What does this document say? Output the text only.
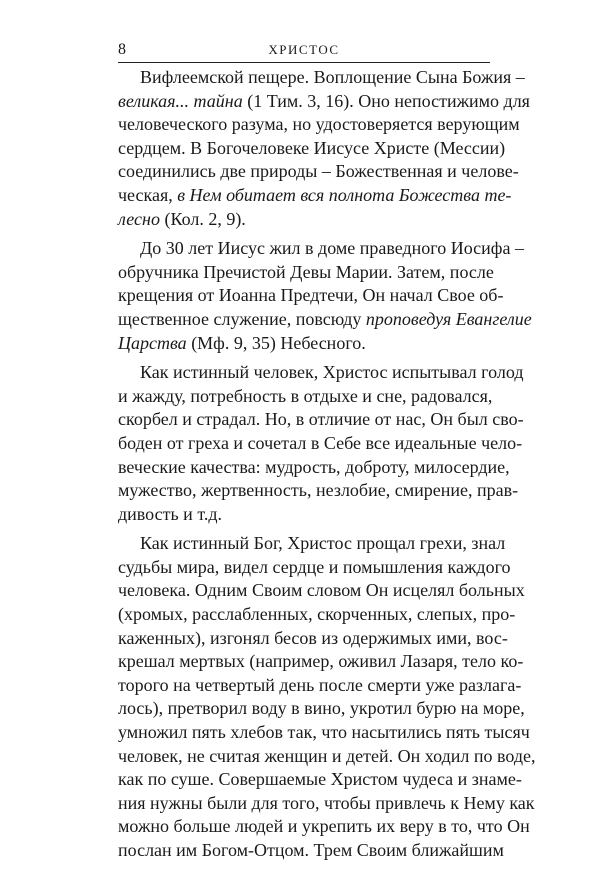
8	ХРИСТОС
Вифлеемской пещере. Воплощение Сына Божия –
великая... тайна (1 Тим. 3, 16). Оно непостижимо для
человеческого разума, но удостоверяется верующим
сердцем. В Богочеловеке Иисусе Христе (Мессии)
соединились две природы – Божественная и челове-
ческая, в Нем обитает вся полнота Божества те-
лесно (Кол. 2, 9).
До 30 лет Иисус жил в доме праведного Иосифа –
обручника Пречистой Девы Марии. Затем, после
крещения от Иоанна Предтечи, Он начал Свое об-
щественное служение, повсюду проповедуя Евангелие
Царства (Мф. 9, 35) Небесного.
Как истинный человек, Христос испытывал голод
и жажду, потребность в отдыхе и сне, радовался,
скорбел и страдал. Но, в отличие от нас, Он был сво-
боден от греха и сочетал в Себе все идеальные чело-
веческие качества: мудрость, доброту, милосердие,
мужество, жертвенность, незлобие, смирение, прав-
дивость и т.д.
Как истинный Бог, Христос прощал грехи, знал
судьбы мира, видел сердце и помышления каждого
человека. Одним Своим словом Он исцелял больных
(хромых, расслабленных, скорченных, слепых, про-
каженных), изгонял бесов из одержимых ими, вос-
крешал мертвых (например, оживил Лазаря, тело ко-
торого на четвертый день после смерти уже разлага-
лось), претворил воду в вино, укротил бурю на море,
умножил пять хлебов так, что насытились пять тысяч
человек, не считая женщин и детей. Он ходил по воде,
как по суше. Совершаемые Христом чудеса и знаме-
ния нужны были для того, чтобы привлечь к Нему как
можно больше людей и укрепить их веру в то, что Он
послан им Богом-Отцом. Трем Своим ближайшим
